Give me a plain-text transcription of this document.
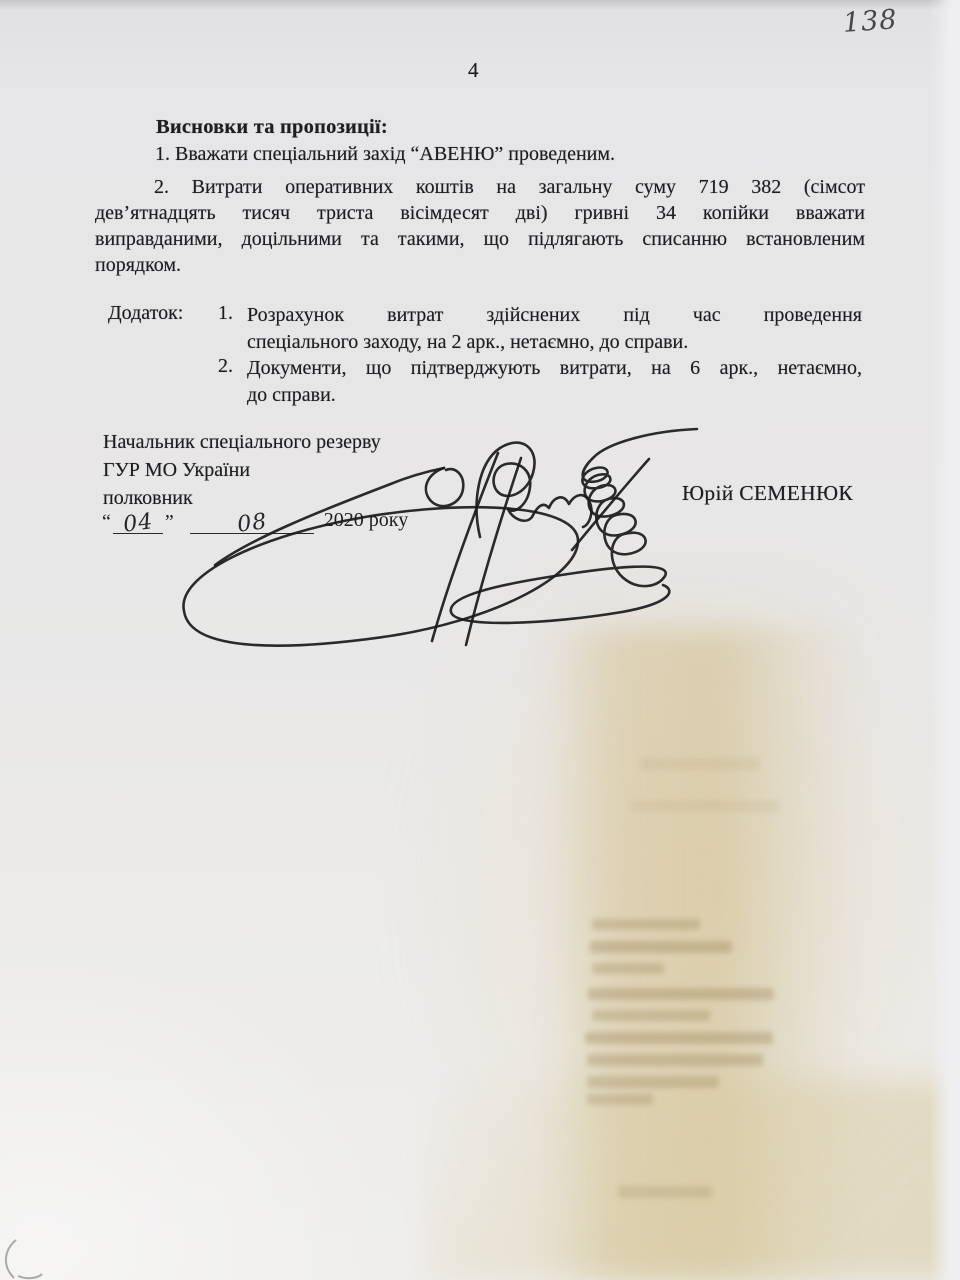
138
4
Висновки та пропозиції:
1. Вважати спеціальний захід “АВЕНЮ” проведеним.
2. Витрати оперативних коштів на загальну суму 719 382 (сімсот
дев’ятнадцять тисяч триста вісімдесят дві) гривні 34 копійки вважати
виправданими, доцільними та такими, що підлягають списанню встановленим
порядком.
Додаток: 1.
2.
Розрахунок витрат здійснених під час проведення
спеціального заходу, на 2 арк., нетаємно, до справи.
Документи, що підтверджують витрати, на 6 арк., нетаємно,
до справи.
Начальник спеціального резерву
ГУР МО України
полковник
“ 04 ”	08	2020 року
Юрій СЕМЕНЮК
